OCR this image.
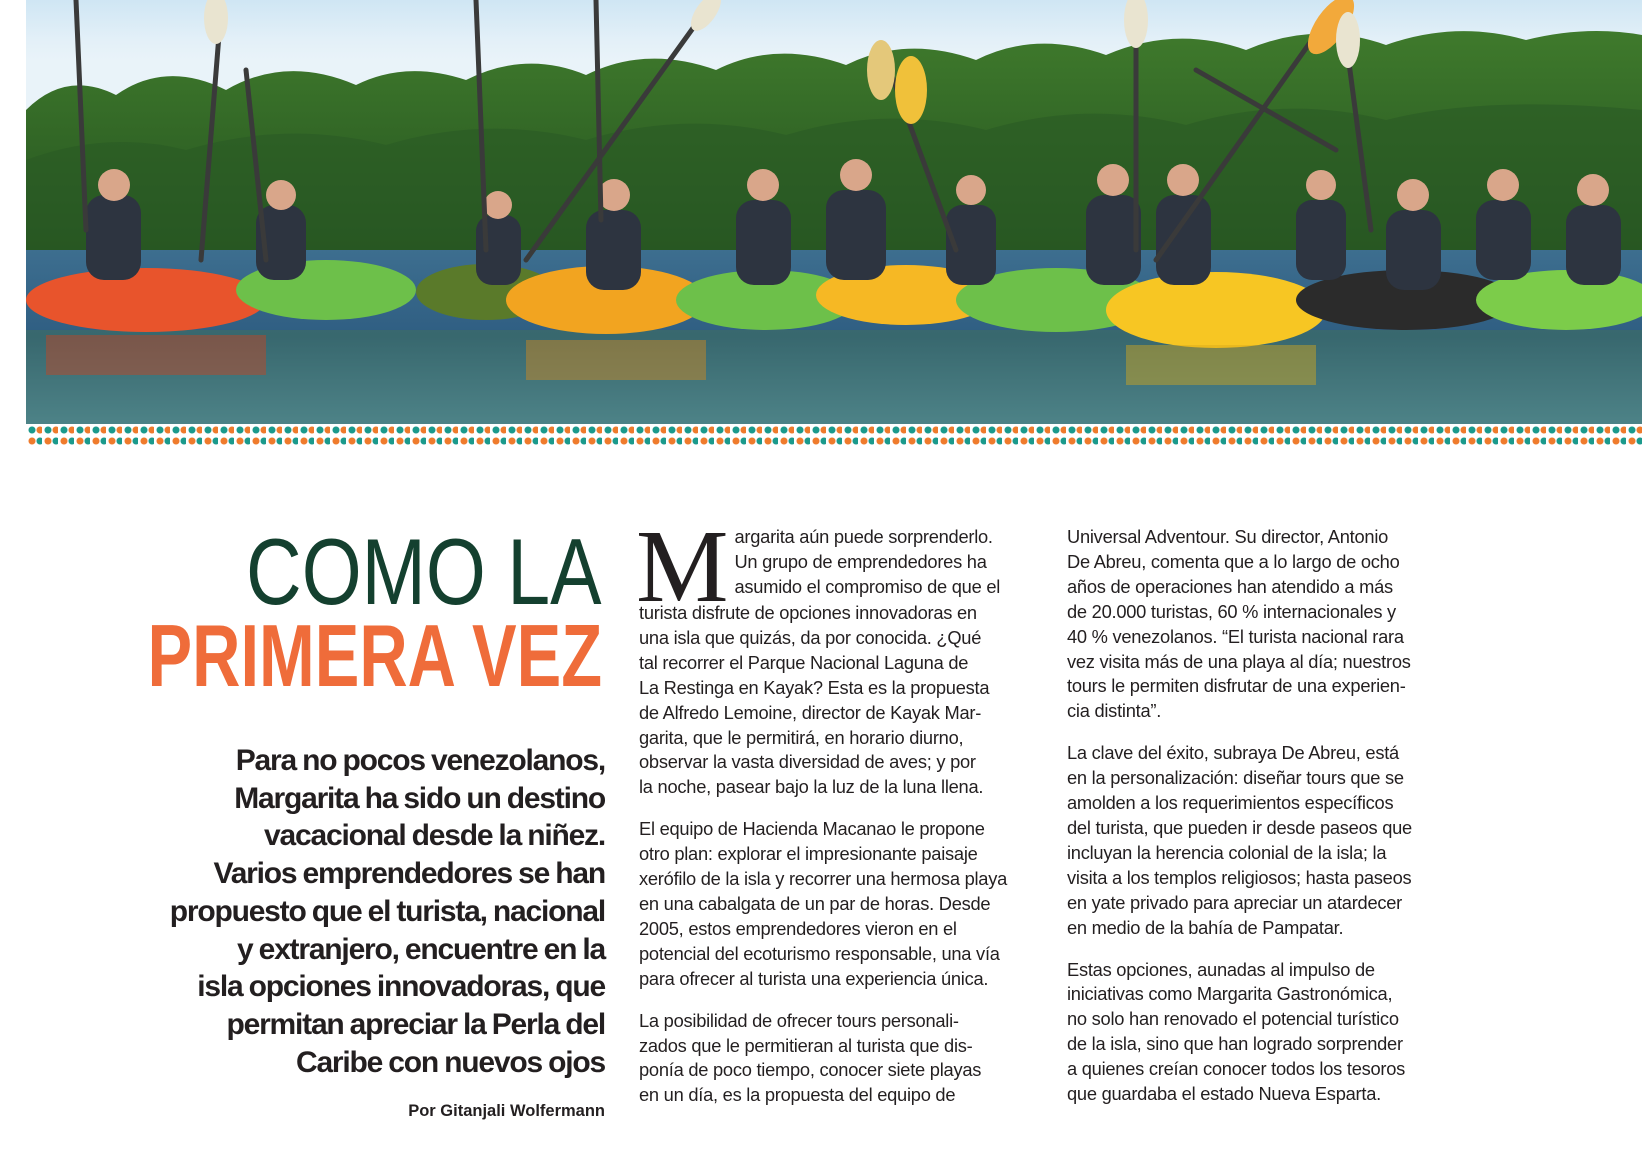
COMO LA
PRIMERA VEZ
Para no pocos venezolanos,
Margarita ha sido un destino
vacacional desde la niñez.
Varios emprendedores se han
propuesto que el turista, nacional
y extranjero, encuentre en la
isla opciones innovadoras, que
permitan apreciar la Perla del
Caribe con nuevos ojos
Por Gitanjali Wolfermann

M argarita aún puede sorprenderlo.
Un grupo de emprendedores ha
asumido el compromiso de que el
turista disfrute de opciones innovadoras en
una isla que quizás, da por conocida. ¿Qué
tal recorrer el Parque Nacional Laguna de
La Restinga en Kayak? Esta es la propuesta
de Alfredo Lemoine, director de Kayak Mar-
garita, que le permitirá, en horario diurno,
observar la vasta diversidad de aves; y por
la noche, pasear bajo la luz de la luna llena.

El equipo de Hacienda Macanao le propone
otro plan: explorar el impresionante paisaje
xerófilo de la isla y recorrer una hermosa playa
en una cabalgata de un par de horas. Desde
2005, estos emprendedores vieron en el
potencial del ecoturismo responsable, una vía
para ofrecer al turista una experiencia única.

La posibilidad de ofrecer tours personali-
zados que le permitieran al turista que dis-
ponía de poco tiempo, conocer siete playas
en un día, es la propuesta del equipo de

Universal Adventour. Su director, Antonio
De Abreu, comenta que a lo largo de ocho
años de operaciones han atendido a más
de 20.000 turistas, 60 % internacionales y
40 % venezolanos. “El turista nacional rara
vez visita más de una playa al día; nuestros
tours le permiten disfrutar de una experien-
cia distinta”.

La clave del éxito, subraya De Abreu, está
en la personalización: diseñar tours que se
amolden a los requerimientos específicos
del turista, que pueden ir desde paseos que
incluyan la herencia colonial de la isla; la
visita a los templos religiosos; hasta paseos
en yate privado para apreciar un atardecer
en medio de la bahía de Pampatar.

Estas opciones, aunadas al impulso de
iniciativas como Margarita Gastronómica,
no solo han renovado el potencial turístico
de la isla, sino que han logrado sorprender
a quienes creían conocer todos los tesoros
que guardaba el estado Nueva Esparta.
